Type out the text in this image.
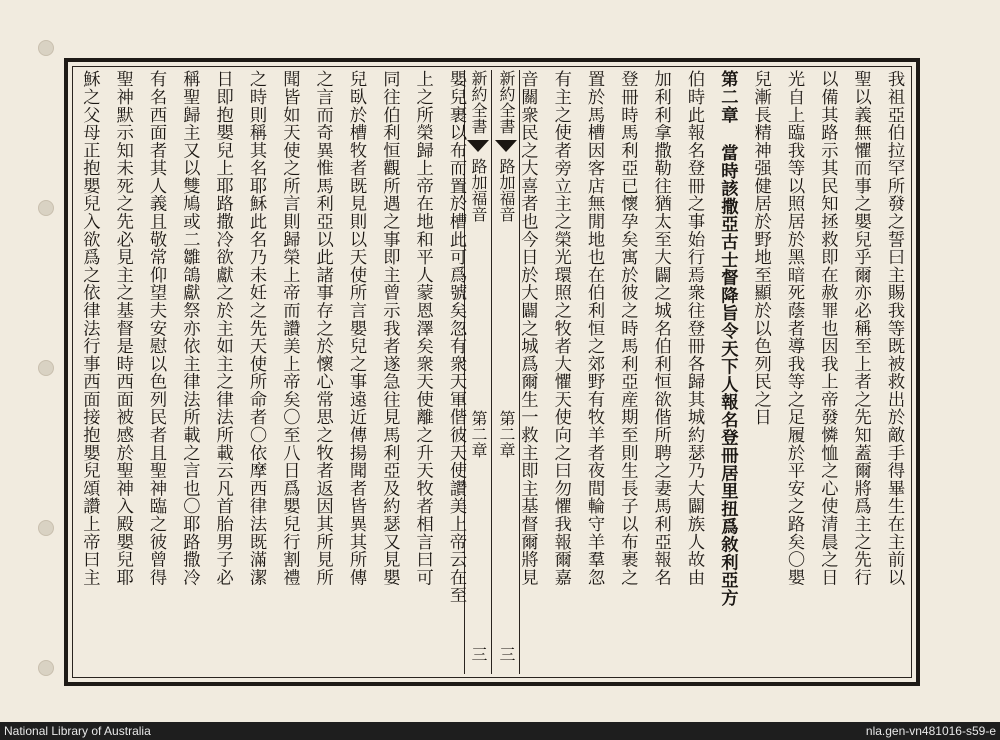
我祖亞伯拉罕所發之誓曰主賜我等既被救出於敵手得畢生在主前以
聖以義無懼而事之嬰兒乎爾亦必稱至上者之先知蓋爾將爲主之先行
以備其路示其民知拯救即在赦罪也因我上帝發憐恤之心使清晨之日
光自上臨我等以照居於黑暗死蔭者導我等之足履於平安之路矣〇嬰
兒漸長精神强健居於野地至顯於以色列民之日
第二章 當時該撒亞古士督降旨令天下人報名登冊居里扭爲敘利亞方
伯時此報名登冊之事始行焉衆往登冊各歸其城約瑟乃大闢族人故由
加利利拿撒勒往猶太至大闢之城名伯利恒欲偕所聘之妻馬利亞報名
登冊時馬利亞已懷孕矣寓於彼之時馬利亞産期至則生長子以布裹之
置於馬槽因客店無閒地也在伯利恒之郊野有牧羊者夜間輪守羊羣忽
有主之使者旁立主之榮光環照之牧者大懼天使向之曰勿懼我報爾嘉
音關衆民之大喜者也今日於大闢之城爲爾生一救主即主基督爾將見
新約全書
路加福音
第二章
三
新約全書
路加福音
第二章
三
嬰兒裹以布而置於槽此可爲號矣忽有衆天軍偕彼天使讚美上帝云在至
上之所榮歸上帝在地和平人蒙恩澤矣衆天使離之升天牧者相言曰可
同往伯利恒觀所遇之事即主曾示我者遂急往見馬利亞及約瑟又見嬰
兒臥於槽牧者既見則以天使所言嬰兒之事遠近傳揚聞者皆異其所傳
之言而奇異惟馬利亞以此諸事存之於懷心常思之牧者返因其所見所
聞皆如天使之所言則歸榮上帝而讚美上帝矣〇至八日爲嬰兒行割禮
之時則稱其名耶穌此名乃未妊之先天使所命者〇依摩西律法既滿潔
日即抱嬰兒上耶路撒冷欲獻之於主如主之律法所載云凡首胎男子必
稱聖歸主又以雙鳩或二雛鴿獻祭亦依主律法所載之言也〇耶路撒冷
有名西面者其人義且敬常仰望夫安慰以色列民者且聖神臨之彼曾得
聖神默示知未死之先必見主之基督是時西面被感於聖神入殿嬰兒耶
穌之父母正抱嬰兒入欲爲之依律法行事西面接抱嬰兒頌讚上帝曰主
National Library of Australia	nla.gen-vn481016-s59-e
